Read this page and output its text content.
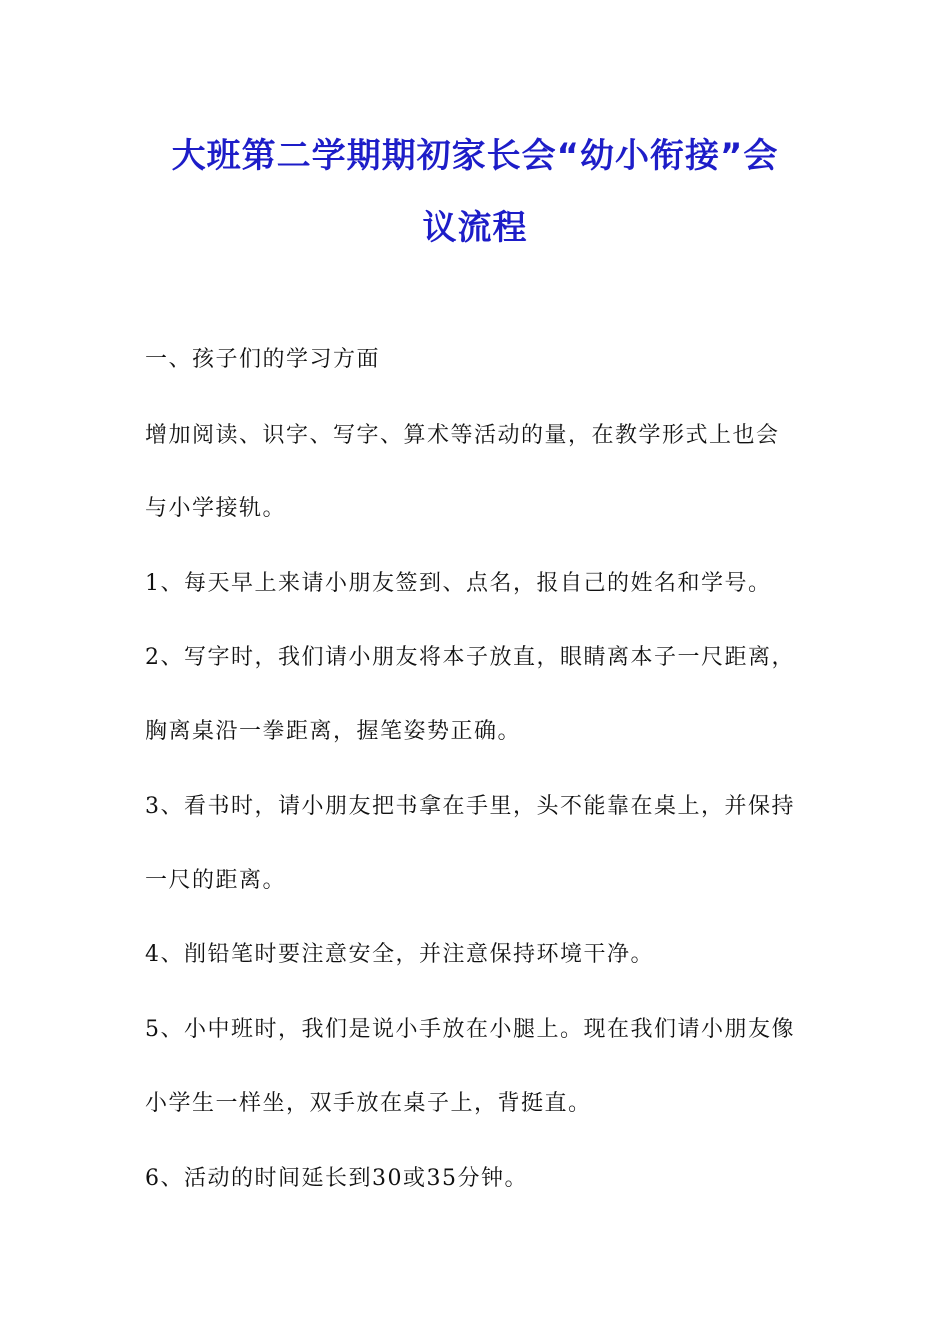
大班第二学期期初家长会“幼小衔接”会
议流程
一、孩子们的学习方面
增加阅读、识字、写字、算术等活动的量，在教学形式上也会
与小学接轨。
1、每天早上来请小朋友签到、点名，报自己的姓名和学号。
2、写字时，我们请小朋友将本子放直，眼睛离本子一尺距离，
胸离桌沿一拳距离，握笔姿势正确。
3、看书时，请小朋友把书拿在手里，头不能靠在桌上，并保持
一尺的距离。
4、削铅笔时要注意安全，并注意保持环境干净。
5、小中班时，我们是说小手放在小腿上。现在我们请小朋友像
小学生一样坐，双手放在桌子上，背挺直。
6、活动的时间延长到30或35分钟。
